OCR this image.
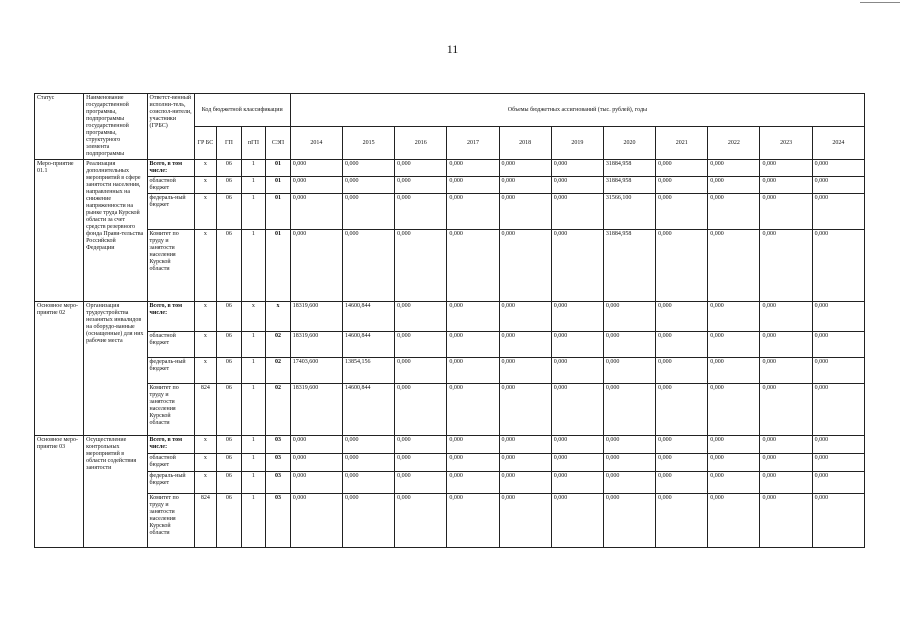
11
Статус	Наименование государственной программы, подпрограммы государственной программы, структурного элемента подпрограммы	Ответст-венный исполни-тель, соиспол-нители, участники (ГРБС)	Код бюджетной классификации				Объемы бюджетных ассигнований (тыс. рублей), годы										
			ГР БС	ГП	пГП	СЭП	2014	2015	2016	2017	2018	2019	2020	2021	2022	2023	2024
Меро-приятие 01.1	Реализация дополнительных мероприятий в сфере занятости населения, направленных на снижение напряженности на рынке труда Курской области за счет средств резервного фонда Прави-тельства Российской Федерации	Всего, в том числе:	х	06	1	01	0,000	0,000	0,000	0,000	0,000	0,000	31884,958	0,000	0,000	0,000	0,000
		областной бюджет	х	06	1	01	0,000	0,000	0,000	0,000	0,000	0,000	31884,958	0,000	0,000	0,000	0,000
		федераль-ный бюджет	х	06	1	01	0,000	0,000	0,000	0,000	0,000	0,000	31566,100	0,000	0,000	0,000	0,000
		Комитет по труду и занятости населения Курской области	х	06	1	01	0,000	0,000	0,000	0,000	0,000	0,000	31884,958	0,000	0,000	0,000	0,000
Основное меро-приятие 02	Организация трудоустройства незанятых инвалидов на оборудо-ванные (оснащенные) для них рабочие места	Всего, в том числе:	х	06	х	х	18319,600	14600,844	0,000	0,000	0,000	0,000	0,000	0,000	0,000	0,000	0,000
		областной бюджет	х	06	1	02	18319,600	14600,844	0,000	0,000	0,000	0,000	0,000	0,000	0,000	0,000	0,000
		федераль-ный бюджет	х	06	1	02	17403,600	13854,156	0,000	0,000	0,000	0,000	0,000	0,000	0,000	0,000	0,000
		Комитет по труду и занятости населения Курской области	824	06	1	02	18319,600	14600,844	0,000	0,000	0,000	0,000	0,000	0,000	0,000	0,000	0,000
Основное меро-приятие 03	Осуществление контрольных мероприятий в области содействия занятости	Всего, в том числе:	х	06	1	03	0,000	0,000	0,000	0,000	0,000	0,000	0,000	0,000	0,000	0,000	0,000
		областной бюджет	х	06	1	03	0,000	0,000	0,000	0,000	0,000	0,000	0,000	0,000	0,000	0,000	0,000
		федераль-ный бюджет	х	06	1	03	0,000	0,000	0,000	0,000	0,000	0,000	0,000	0,000	0,000	0,000	0,000
		Комитет по труду и занятости населения Курской области	824	06	1	03	0,000	0,000	0,000	0,000	0,000	0,000	0,000	0,000	0,000	0,000	0,000
